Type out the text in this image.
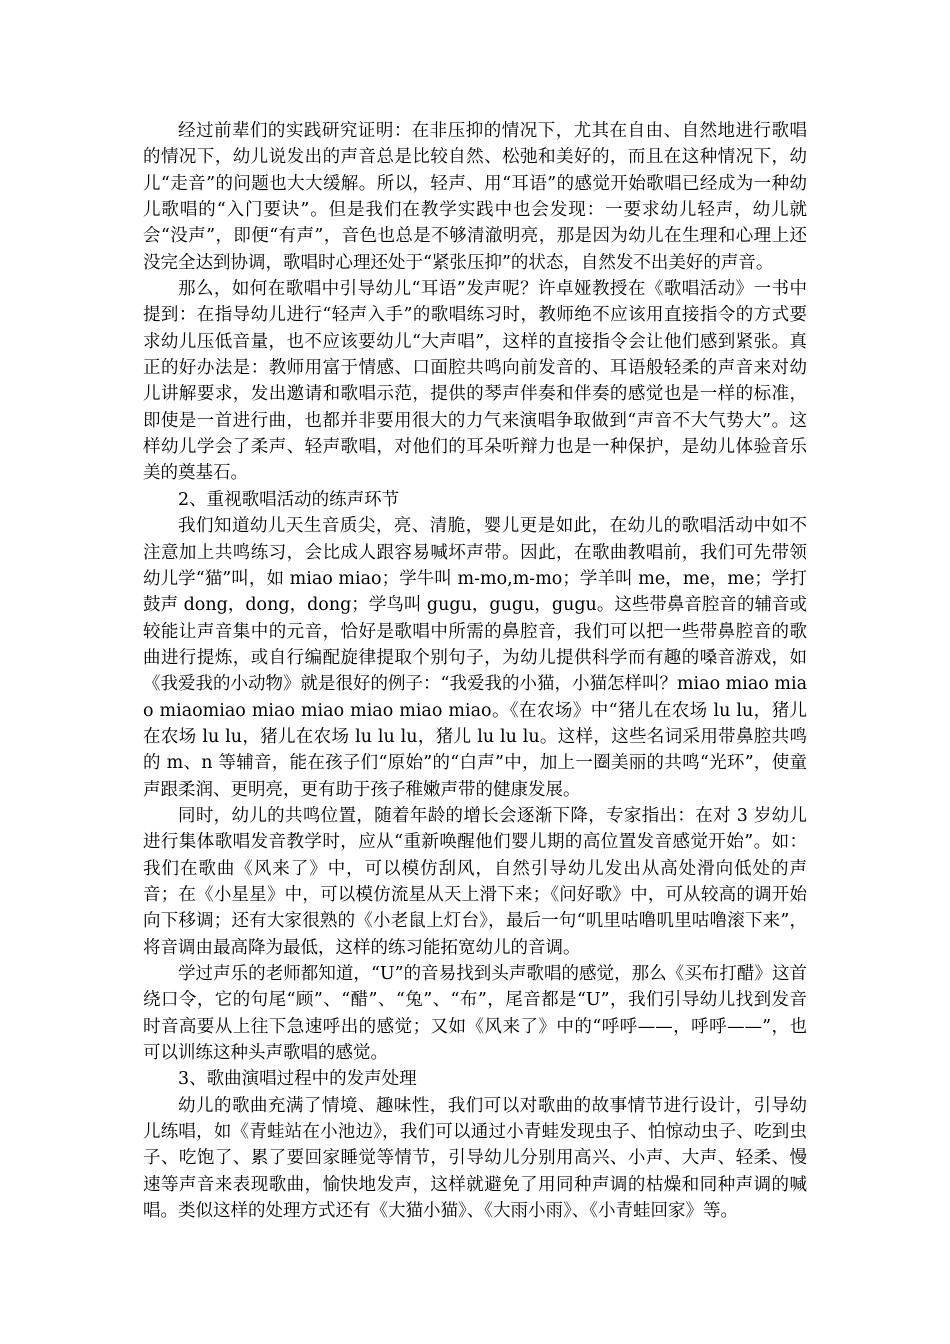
经过前辈们的实践研究证明：在非压抑的情况下，尤其在自由、自然地进行歌唱的情况下，幼儿说发出的声音总是比较自然、松弛和美好的，而且在这种情况下，幼儿“走音”的问题也大大缓解。所以，轻声、用“耳语”的感觉开始歌唱已经成为一种幼儿歌唱的“入门要诀”。但是我们在教学实践中也会发现：一要求幼儿轻声，幼儿就会“没声”，即便“有声”，音色也总是不够清澈明亮，那是因为幼儿在生理和心理上还没完全达到协调，歌唱时心理还处于“紧张压抑”的状态，自然发不出美好的声音。

那么，如何在歌唱中引导幼儿“耳语”发声呢？许卓娅教授在《歌唱活动》一书中提到：在指导幼儿进行“轻声入手”的歌唱练习时，教师绝不应该用直接指令的方式要求幼儿压低音量，也不应该要幼儿“大声唱”，这样的直接指令会让他们感到紧张。真正的好办法是：教师用富于情感、口面腔共鸣向前发音的、耳语般轻柔的声音来对幼儿讲解要求，发出邀请和歌唱示范，提供的琴声伴奏和伴奏的感觉也是一样的标准，即使是一首进行曲，也都并非要用很大的力气来演唱争取做到“声音不大气势大”。这样幼儿学会了柔声、轻声歌唱，对他们的耳朵听辩力也是一种保护，是幼儿体验音乐美的奠基石。

2、重视歌唱活动的练声环节

我们知道幼儿天生音质尖，亮、清脆，婴儿更是如此，在幼儿的歌唱活动中如不注意加上共鸣练习，会比成人跟容易喊坏声带。因此，在歌曲教唱前，我们可先带领幼儿学“猫”叫，如 miao miao；学牛叫 m-mo,m-mo；学羊叫 me，me，me；学打鼓声 dong，dong，dong；学鸟叫 gugu，gugu，gugu。这些带鼻音腔音的辅音或较能让声音集中的元音，恰好是歌唱中所需的鼻腔音，我们可以把一些带鼻腔音的歌曲进行提炼，或自行编配旋律提取个别句子，为幼儿提供科学而有趣的嗓音游戏，如《我爱我的小动物》就是很好的例子：“我爱我的小猫，小猫怎样叫？miao miao miao miaomiao miao miao miao miao miao。《在农场》中“猪儿在农场 lu lu，猪儿在农场 lu lu，猪儿在农场 lu lu lu，猪儿 lu lu lu。这样，这些名词采用带鼻腔共鸣的 m、n 等辅音，能在孩子们“原始”的“白声”中，加上一圈美丽的共鸣“光环”，使童声跟柔润、更明亮，更有助于孩子稚嫩声带的健康发展。

同时，幼儿的共鸣位置，随着年龄的增长会逐渐下降，专家指出：在对 3 岁幼儿进行集体歌唱发音教学时，应从“重新唤醒他们婴儿期的高位置发音感觉开始”。如：我们在歌曲《风来了》中，可以模仿刮风，自然引导幼儿发出从高处滑向低处的声音；在《小星星》中，可以模仿流星从天上滑下来；《问好歌》中，可从较高的调开始向下移调；还有大家很熟的《小老鼠上灯台》，最后一句“叽里咕噜叽里咕噜滚下来”，将音调由最高降为最低，这样的练习能拓宽幼儿的音调。

学过声乐的老师都知道，“U”的音易找到头声歌唱的感觉，那么《买布打醋》这首绕口令，它的句尾“顾”、“醋”、“兔”、“布”，尾音都是“U”，我们引导幼儿找到发音时音高要从上往下急速呼出的感觉；又如《风来了》中的“呼呼——，呼呼——”，也可以训练这种头声歌唱的感觉。

3、歌曲演唱过程中的发声处理

幼儿的歌曲充满了情境、趣味性，我们可以对歌曲的故事情节进行设计，引导幼儿练唱，如《青蛙站在小池边》，我们可以通过小青蛙发现虫子、怕惊动虫子、吃到虫子、吃饱了、累了要回家睡觉等情节，引导幼儿分别用高兴、小声、大声、轻柔、慢速等声音来表现歌曲，愉快地发声，这样就避免了用同种声调的枯燥和同种声调的喊唱。类似这样的处理方式还有《大猫小猫》、《大雨小雨》、《小青蛙回家》等。
